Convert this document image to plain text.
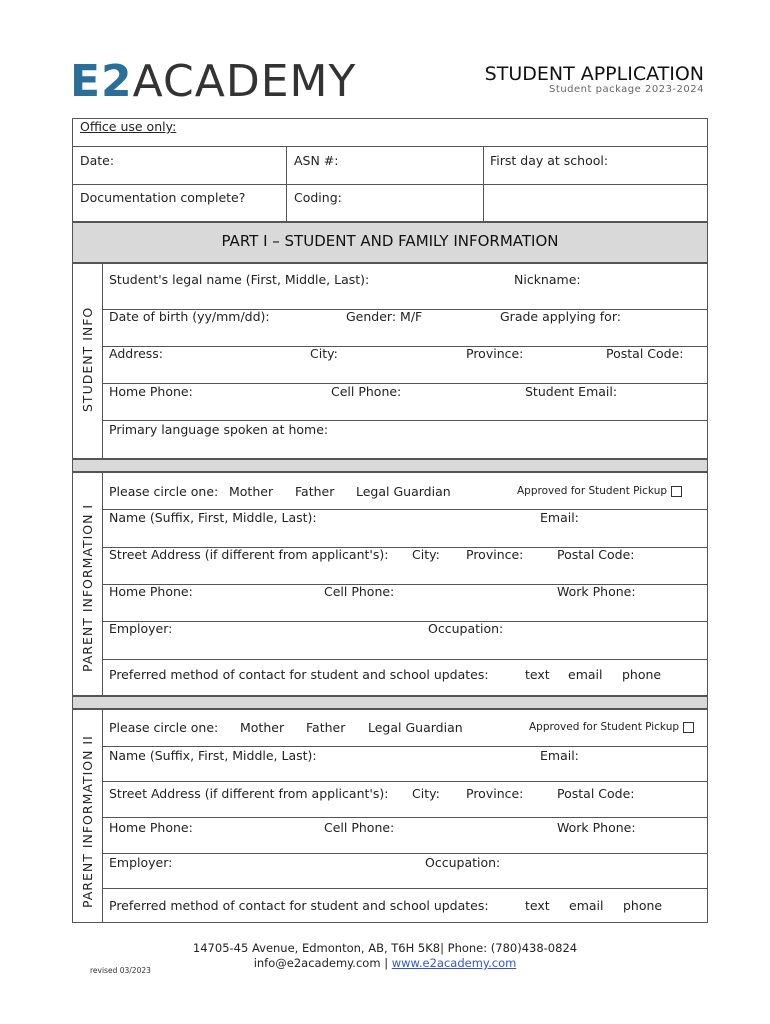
E2ACADEMY	STUDENT APPLICATION
Student package 2023-2024
Office use only:
Date:	ASN #:	First day at school:
Documentation complete?	Coding:
PART I – STUDENT AND FAMILY INFORMATION
STUDENT INFO
Student's legal name (First, Middle, Last):	Nickname:
Date of birth (yy/mm/dd):	Gender: M/F	Grade applying for:
Address:	City:	Province:	Postal Code:
Home Phone:	Cell Phone:	Student Email:
Primary language spoken at home:
PARENT INFORMATION I
Please circle one: Mother Father Legal Guardian	Approved for Student Pickup
Name (Suffix, First, Middle, Last):	Email:
Street Address (if different from applicant's): City: Province:	Postal Code:
Home Phone:	Cell Phone:	Work Phone:
Employer:	Occupation:
Preferred method of contact for student and school updates:	text email phone
PARENT INFORMATION II
Please circle one: Mother Father Legal Guardian	Approved for Student Pickup
Name (Suffix, First, Middle, Last):	Email:
Street Address (if different from applicant's): City: Province:	Postal Code:
Home Phone:	Cell Phone:	Work Phone:
Employer:	Occupation:
Preferred method of contact for student and school updates:	text email phone
14705-45 Avenue, Edmonton, AB, T6H 5K8| Phone: (780)438-0824
info@e2academy.com | www.e2academy.com
revised 03/2023
